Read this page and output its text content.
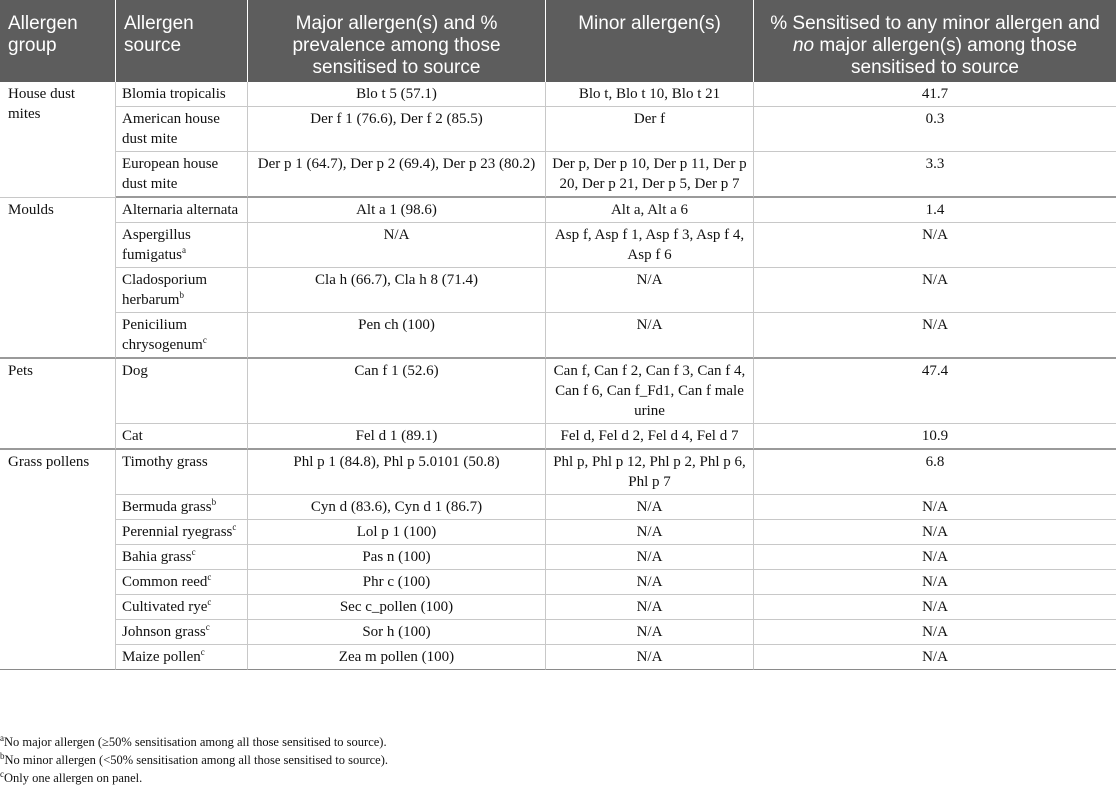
Allergen group	Allergen source	Major allergen(s) and % prevalence among those sensitised to source	Minor allergen(s)	% Sensitised to any minor allergen and no major allergen(s) among those sensitised to source
House dust mites	Blomia tropicalis	Blo t 5 (57.1)	Blo t, Blo t 10, Blo t 21	41.7
	American house dust mite	Der f 1 (76.6), Der f 2 (85.5)	Der f	0.3
	European house dust mite	Der p 1 (64.7), Der p 2 (69.4), Der p 23 (80.2)	Der p, Der p 10, Der p 11, Der p 20, Der p 21, Der p 5, Der p 7	3.3
Moulds	Alternaria alternata	Alt a 1 (98.6)	Alt a, Alt a 6	1.4
	Aspergillus fumigatus$^a$	N/A	Asp f, Asp f 1, Asp f 3, Asp f 4, Asp f 6	N/A
	Cladosporium herbarum$^b$	Cla h (66.7), Cla h 8 (71.4)	N/A	N/A
	Penicilium chrysogenum$^c$	Pen ch (100)	N/A	N/A
Pets	Dog	Can f 1 (52.6)	Can f, Can f 2, Can f 3, Can f 4, Can f 6, Can f_Fd1, Can f male urine	47.4
	Cat	Fel d 1 (89.1)	Fel d, Fel d 2, Fel d 4, Fel d 7	10.9
Grass pollens	Timothy grass	Phl p 1 (84.8), Phl p 5.0101 (50.8)	Phl p, Phl p 12, Phl p 2, Phl p 6, Phl p 7	6.8
	Bermuda grass$^b$	Cyn d (83.6), Cyn d 1 (86.7)	N/A	N/A
	Perennial ryegrass$^c$	Lol p 1 (100)	N/A	N/A
	Bahia grass$^c$	Pas n (100)	N/A	N/A
	Common reed$^c$	Phr c (100)	N/A	N/A
	Cultivated rye$^c$	Sec c_pollen (100)	N/A	N/A
	Johnson grass$^c$	Sor h (100)	N/A	N/A
	Maize pollen$^c$	Zea m pollen (100)	N/A	N/A
$^a$No major allergen (≥50% sensitisation among all those sensitised to source).
$^b$No minor allergen (<50% sensitisation among all those sensitised to source).
$^c$Only one allergen on panel.
